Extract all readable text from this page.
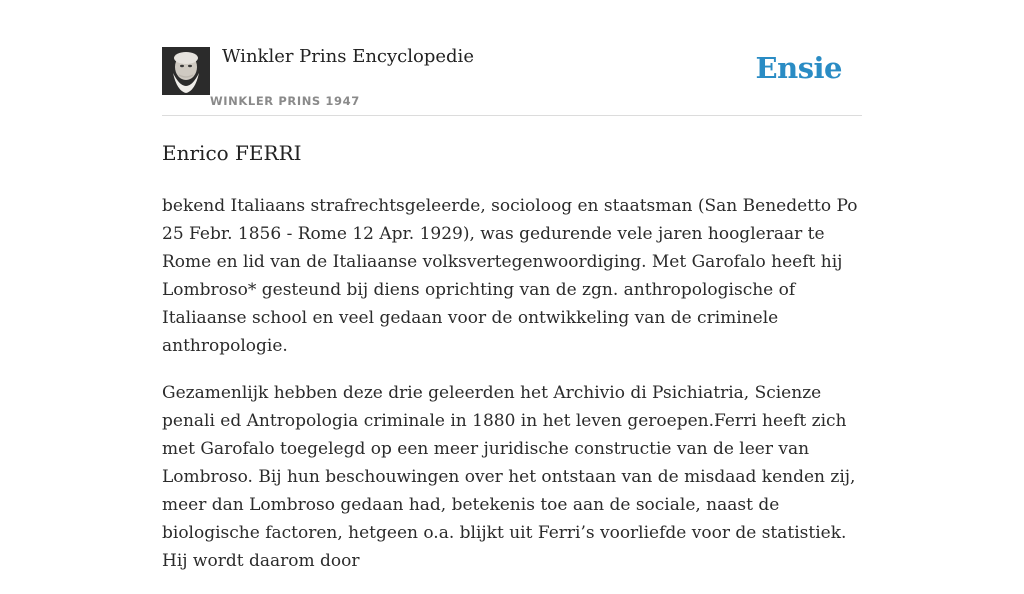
Winkler Prins Encyclopedie
WINKLER PRINS 1947
Ensie
Enrico FERRI

bekend Italiaans strafrechtsgeleerde, socioloog en staatsman (San Benedetto Po 25 Febr. 1856 - Rome 12 Apr. 1929), was gedurende vele jaren hoogleraar te Rome en lid van de Italiaanse volksvertegenwoordiging. Met Garofalo heeft hij Lombroso* gesteund bij diens oprichting van de zgn. anthropologische of Italiaanse school en veel gedaan voor de ontwikkeling van de criminele anthropologie.

Gezamenlijk hebben deze drie geleerden het Archivio di Psichiatria, Scienze penali ed Antropologia criminale in 1880 in het leven geroepen.Ferri heeft zich met Garofalo toegelegd op een meer juridische constructie van de leer van Lombroso. Bij hun beschouwingen over het ontstaan van de misdaad kenden zij, meer dan Lombroso gedaan had, betekenis toe aan de sociale, naast de biologische factoren, hetgeen o.a. blijkt uit Ferri’s voorliefde voor de statistiek. Hij wordt daarom door
